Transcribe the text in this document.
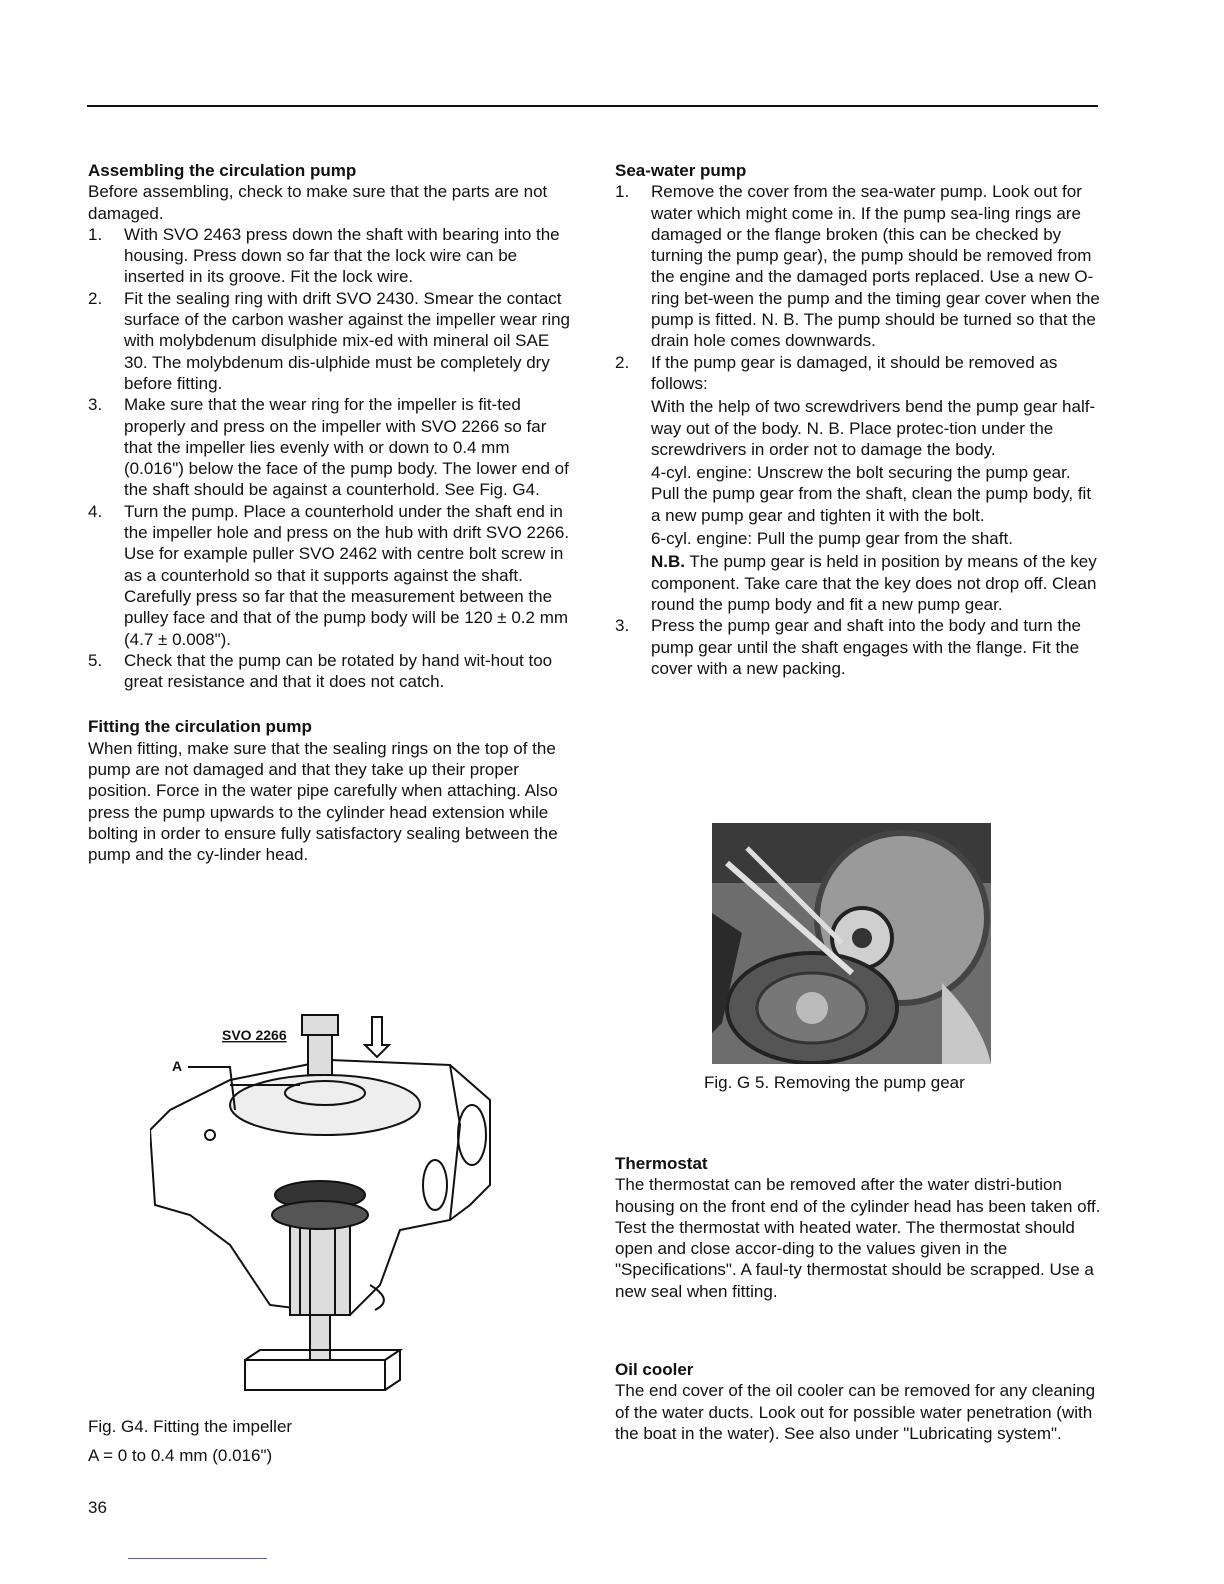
Assembling the circulation pump

Before assembling, check to make sure that the parts are not damaged.

1. With SVO 2463 press down the shaft with bearing into the housing. Press down so far that the lock wire can be inserted in its groove. Fit the lock wire.
2. Fit the sealing ring with drift SVO 2430. Smear the contact surface of the carbon washer against the impeller wear ring with molybdenum disulphide mix-ed with mineral oil SAE 30. The molybdenum dis-ulphide must be completely dry before fitting.
3. Make sure that the wear ring for the impeller is fit-ted properly and press on the impeller with SVO 2266 so far that the impeller lies evenly with or down to 0.4 mm (0.016") below the face of the pump body. The lower end of the shaft should be against a counterhold. See Fig. G4.
4. Turn the pump. Place a counterhold under the shaft end in the impeller hole and press on the hub with drift SVO 2266. Use for example puller SVO 2462 with centre bolt screw in as a counterhold so that it supports against the shaft. Carefully press so far that the measurement between the pulley face and that of the pump body will be 120 ± 0.2 mm (4.7 ± 0.008").
5. Check that the pump can be rotated by hand wit-hout too great resistance and that it does not catch.
Fitting the circulation pump

When fitting, make sure that the sealing rings on the top of the pump are not damaged and that they take up their proper position. Force in the water pipe carefully when attaching. Also press the pump upwards to the cylinder head extension while bolting in order to ensure fully satisfactory sealing between the pump and the cy-linder head.

SVO 2266
A
Fig. G4. Fitting the impeller
A = 0 to 0.4 mm (0.016")
Sea-water pump
1. Remove the cover from the sea-water pump. Look out for water which might come in. If the pump sea-ling rings are damaged or the flange broken (this can be checked by turning the pump gear), the pump should be removed from the engine and the damaged ports replaced. Use a new O-ring bet-ween the pump and the timing gear cover when the pump is fitted. N. B. The pump should be turned so that the drain hole comes downwards.
2. If the pump gear is damaged, it should be removed as follows:

With the help of two screwdrivers bend the pump gear half-way out of the body. N. B. Place protec-tion under the screwdrivers in order not to damage the body.

4-cyl. engine: Unscrew the bolt securing the pump gear. Pull the pump gear from the shaft, clean the pump body, fit a new pump gear and tighten it with the bolt.

6-cyl. engine: Pull the pump gear from the shaft.

N.B. The pump gear is held in position by means of the key component. Take care that the key does not drop off. Clean round the pump body and fit a new pump gear.

3. Press the pump gear and shaft into the body and turn the pump gear until the shaft engages with the flange. Fit the cover with a new packing.
Fig. G 5. Removing the pump gear
Thermostat

The thermostat can be removed after the water distri-bution housing on the front end of the cylinder head has been taken off. Test the thermostat with heated water. The thermostat should open and close accor-ding to the values given in the "Specifications". A faul-ty thermostat should be scrapped. Use a new seal when fitting.

Oil cooler

The end cover of the oil cooler can be removed for any cleaning of the water ducts. Look out for possible water penetration (with the boat in the water). See also under "Lubricating system".

36
